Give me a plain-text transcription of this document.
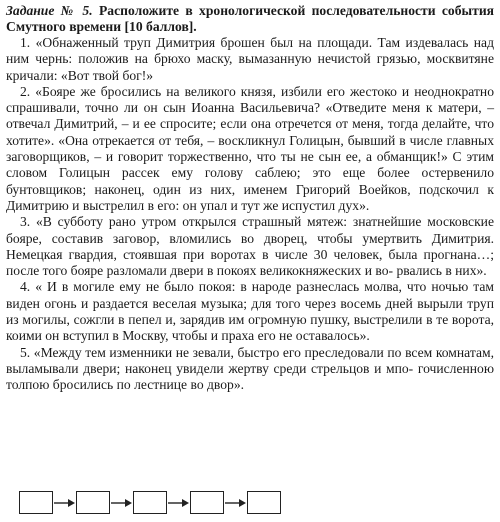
Задание № 5. Расположите в хронологической последовательности события Смутного времени [10 баллов].

1. «Обнаженный труп Димитрия брошен был на площади. Там издевалась над ним чернь: положив на брюхо маску, вымазанную нечистой грязью, москвитяне кричали: «Вот твой бог!»

2. «Бояре же бросились на великого князя, избили его жестоко и неоднократно спрашивали, точно ли он сын Иоанна Васильевича? «Отведите меня к матери, – отвечал Димитрий, – и ее спросите; если она отречется от меня, тогда делайте, что хотите». «Она отрекается от тебя, – воскликнул Голицын, бывший в числе главных заговорщиков, – и говорит торжественно, что ты не сын ее, а обманщик!» С этим словом Голицын рассек ему голову саблею; это еще более остервенило бунтовщиков; наконец, один из них, именем Григорий Воейков, подскочил к Димитрию и выстрелил в его: он упал и тут же испустил дух».

3. «В субботу рано утром открылся страшный мятеж: знатнейшие московские бояре, составив заговор, вломились во дворец, чтобы умертвить Димитрия. Немецкая гвардия, стоявшая при воротах в числе 30 человек, была прогнана…; после того бояре разломали двери в покоях великокняжеских и во- рвались в них».

4. « И в могиле ему не было покоя: в народе разнеслась молва, что ночью там виден огонь и раздается веселая музыка; для того через восемь дней вырыли труп из могилы, сожгли в пепел и, зарядив им огромную пушку, выстрелили в те ворота, коими он вступил в Москву, чтобы и праха его не оставалось».

5. «Между тем изменники не зевали, быстро его преследовали по всем комнатам, выламывали двери; наконец увидели жертву среди стрельцов и мпо- гочисленною толпою бросились по лестнице во двор».
